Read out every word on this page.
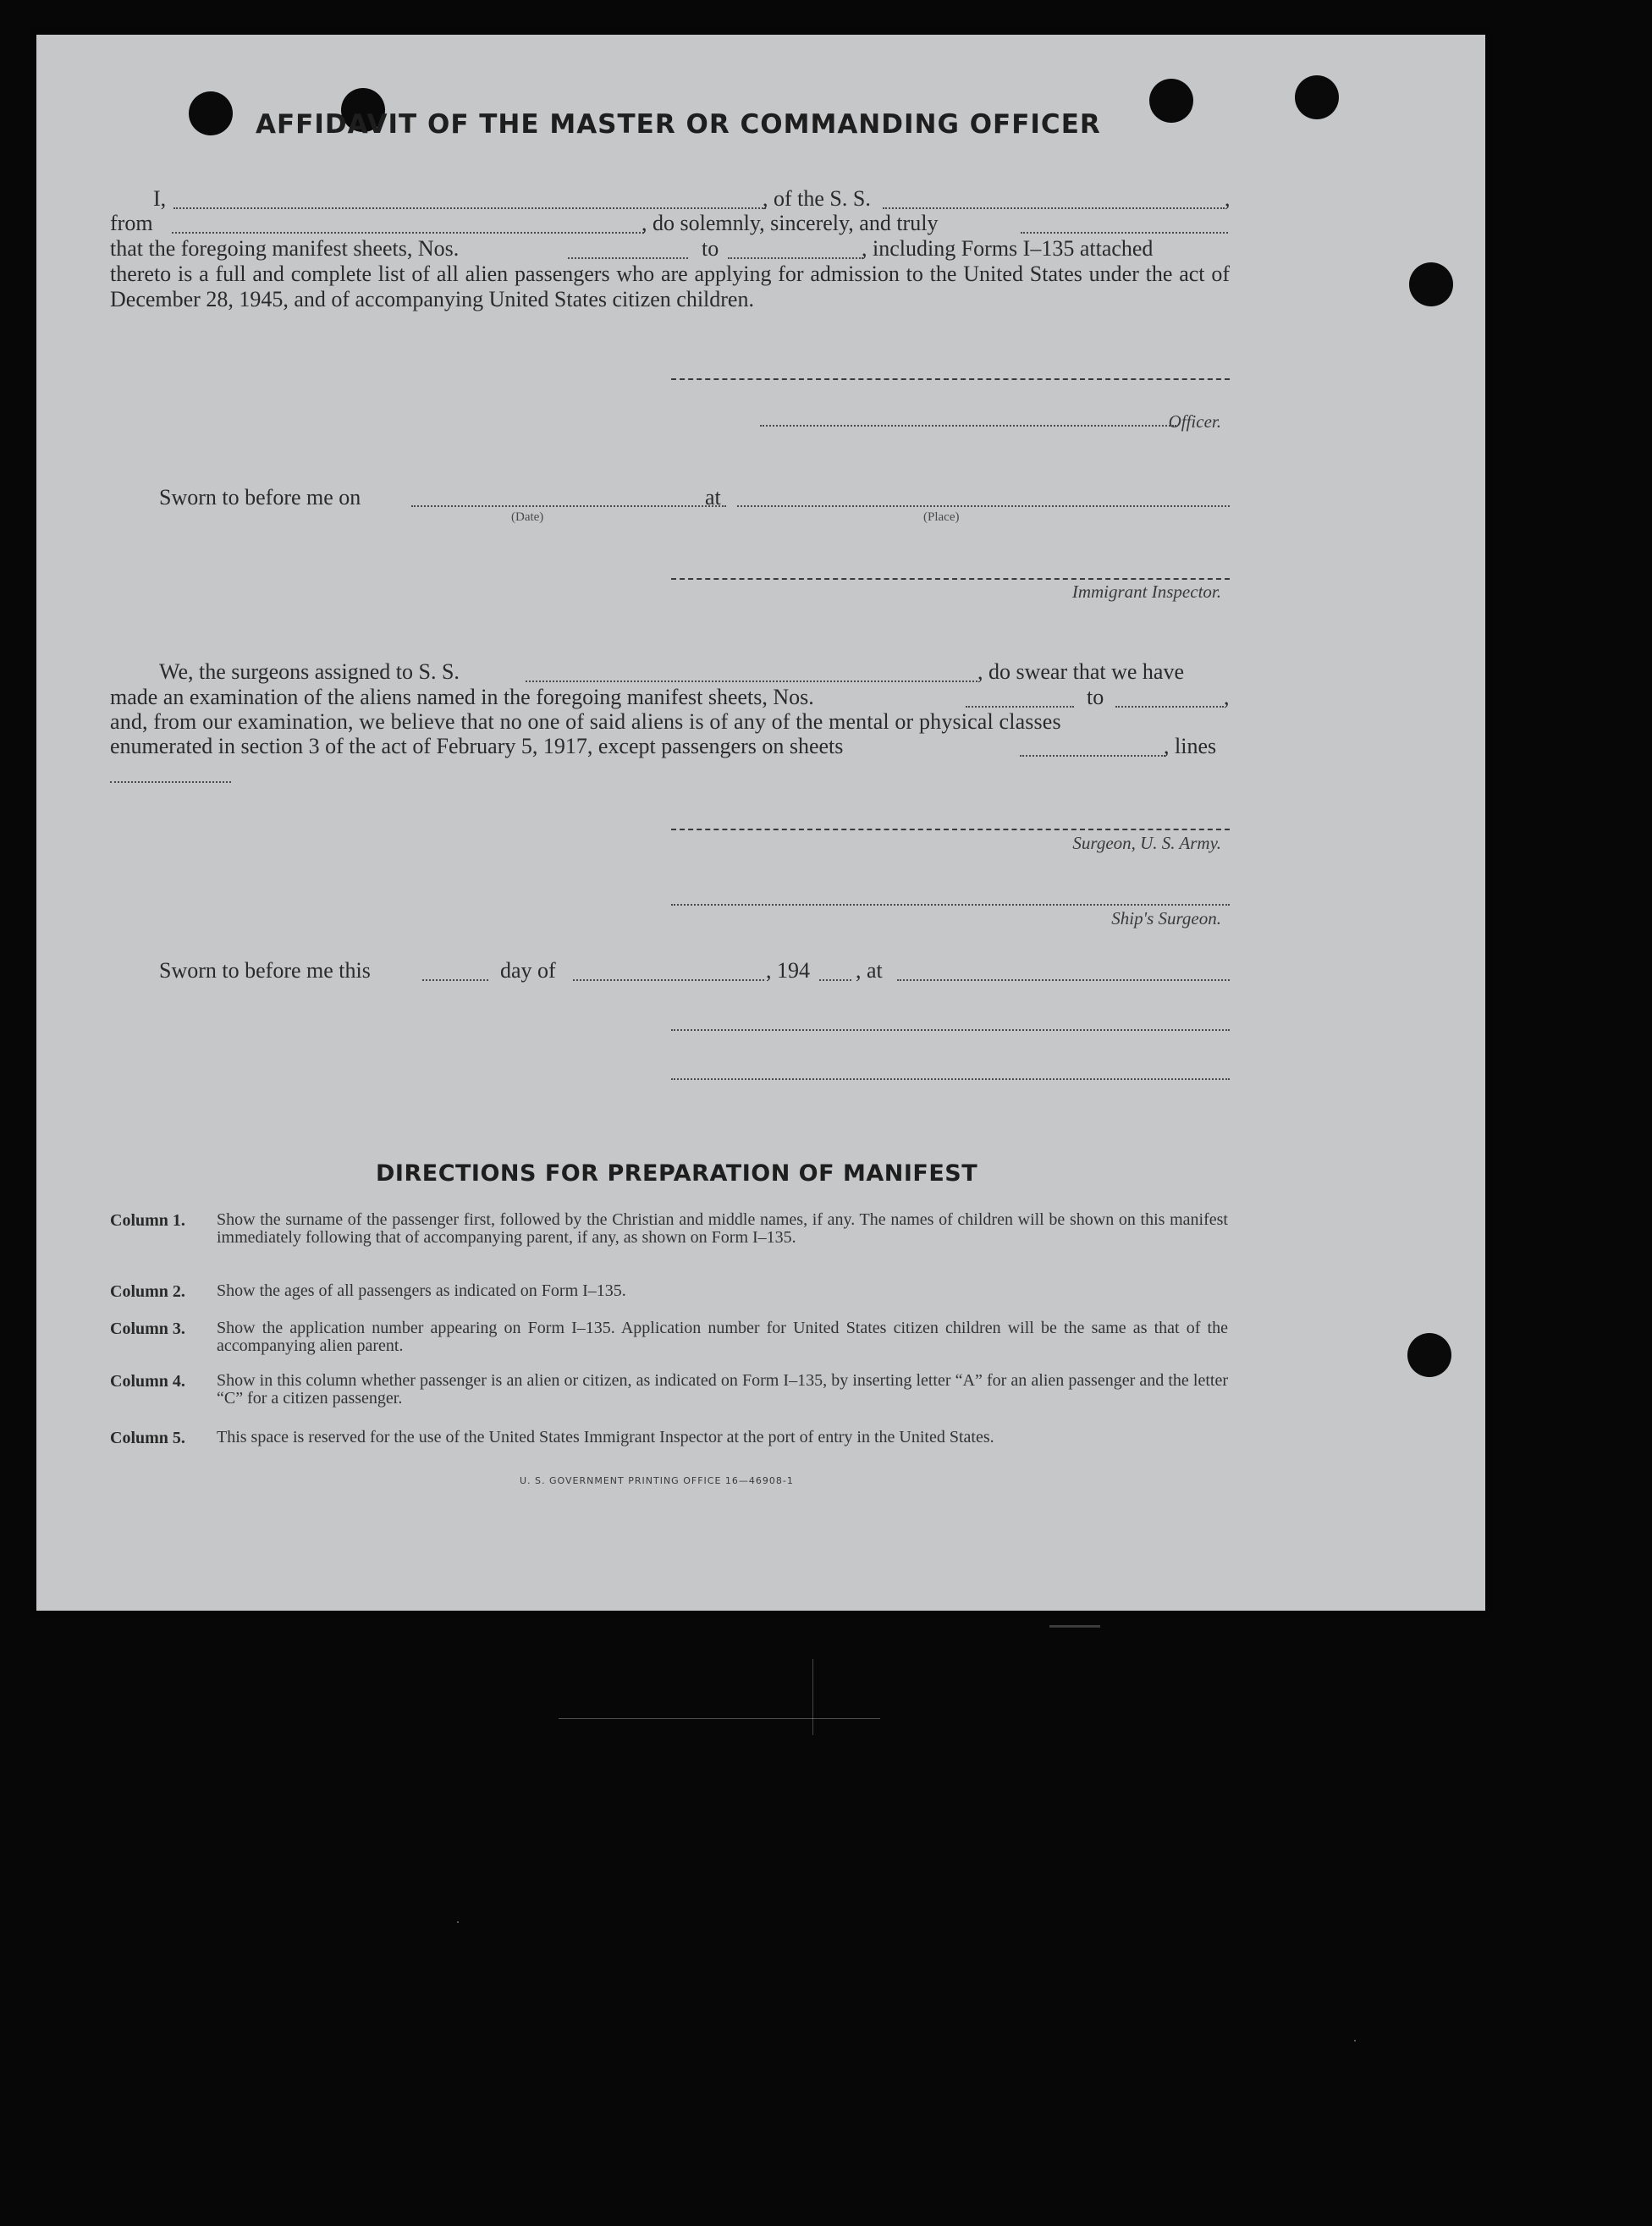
AFFIDAVIT OF THE MASTER OR COMMANDING OFFICER
I,	, of the S. S.	,
from	, do solemnly, sincerely, and truly
that the foregoing manifest sheets, Nos.	to	, including Forms I–135 attached
thereto is a full and complete list of all alien passengers who are applying for admission to the United States under the act of December 28, 1945, and of accompanying United States citizen children.
Officer.
Sworn to before me on	at
(Date)	(Place)
Immigrant Inspector.
We, the surgeons assigned to S. S.	, do swear that we have
made an examination of the aliens named in the foregoing manifest sheets, Nos.	to	,
and, from our examination, we believe that no one of said aliens is of any of the mental or physical classes
enumerated in section 3 of the act of February 5, 1917, except passengers on sheets	, lines
Surgeon, U. S. Army.
Ship's Surgeon.
Sworn to before me this	day of	, 194 , at
DIRECTIONS FOR PREPARATION OF MANIFEST
Column 1. Show the surname of the passenger first, followed by the Christian and middle names, if any. The names of children will be shown on this manifest immediately following that of accompanying parent, if any, as shown on Form I–135.
Column 2. Show the ages of all passengers as indicated on Form I–135.
Column 3. Show the application number appearing on Form I–135. Application number for United States citizen children will be the same as that of the accompanying alien parent.
Column 4. Show in this column whether passenger is an alien or citizen, as indicated on Form I–135, by inserting letter “A” for an alien passenger and the letter “C” for a citizen passenger.
Column 5. This space is reserved for the use of the United States Immigrant Inspector at the port of entry in the United States.
U. S. GOVERNMENT PRINTING OFFICE 16—46908-1
